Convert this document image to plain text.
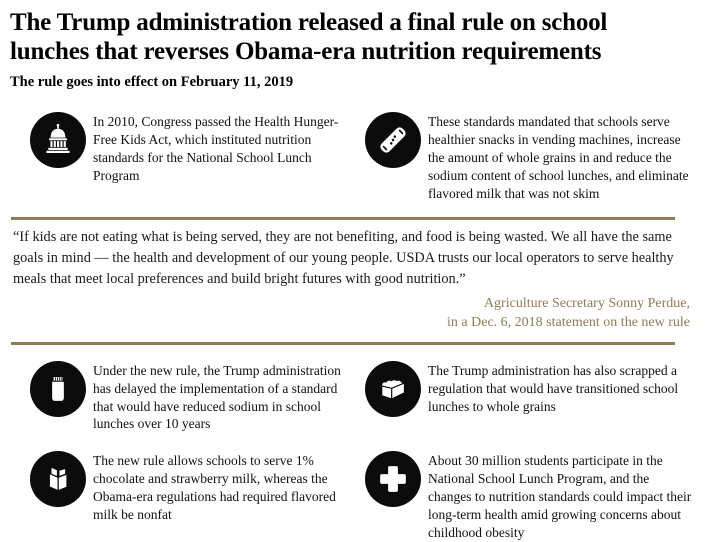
The Trump administration released a final rule on school lunches that reverses Obama-era nutrition requirements

The rule goes into effect on February 11, 2019

In 2010, Congress passed the Health Hunger-Free Kids Act, which instituted nutrition standards for the National School Lunch Program

These standards mandated that schools serve healthier snacks in vending machines, increase the amount of whole grains in and reduce the sodium content of school lunches, and eliminate flavored milk that was not skim

“If kids are not eating what is being served, they are not benefiting, and food is being wasted. We all have the same goals in mind — the health and development of our young people. USDA trusts our local operators to serve healthy meals that meet local preferences and build bright futures with good nutrition.”

Agriculture Secretary Sonny Perdue,
in a Dec. 6, 2018 statement on the new rule

Under the new rule, the Trump administration has delayed the implementation of a standard that would have reduced sodium in school lunches over 10 years

The Trump administration has also scrapped a regulation that would have transitioned school lunches to whole grains

The new rule allows schools to serve 1% chocolate and strawberry milk, whereas the Obama-era regulations had required flavored milk be nonfat

About 30 million students participate in the National School Lunch Program, and the changes to nutrition standards could impact their long-term health amid growing concerns about childhood obesity
